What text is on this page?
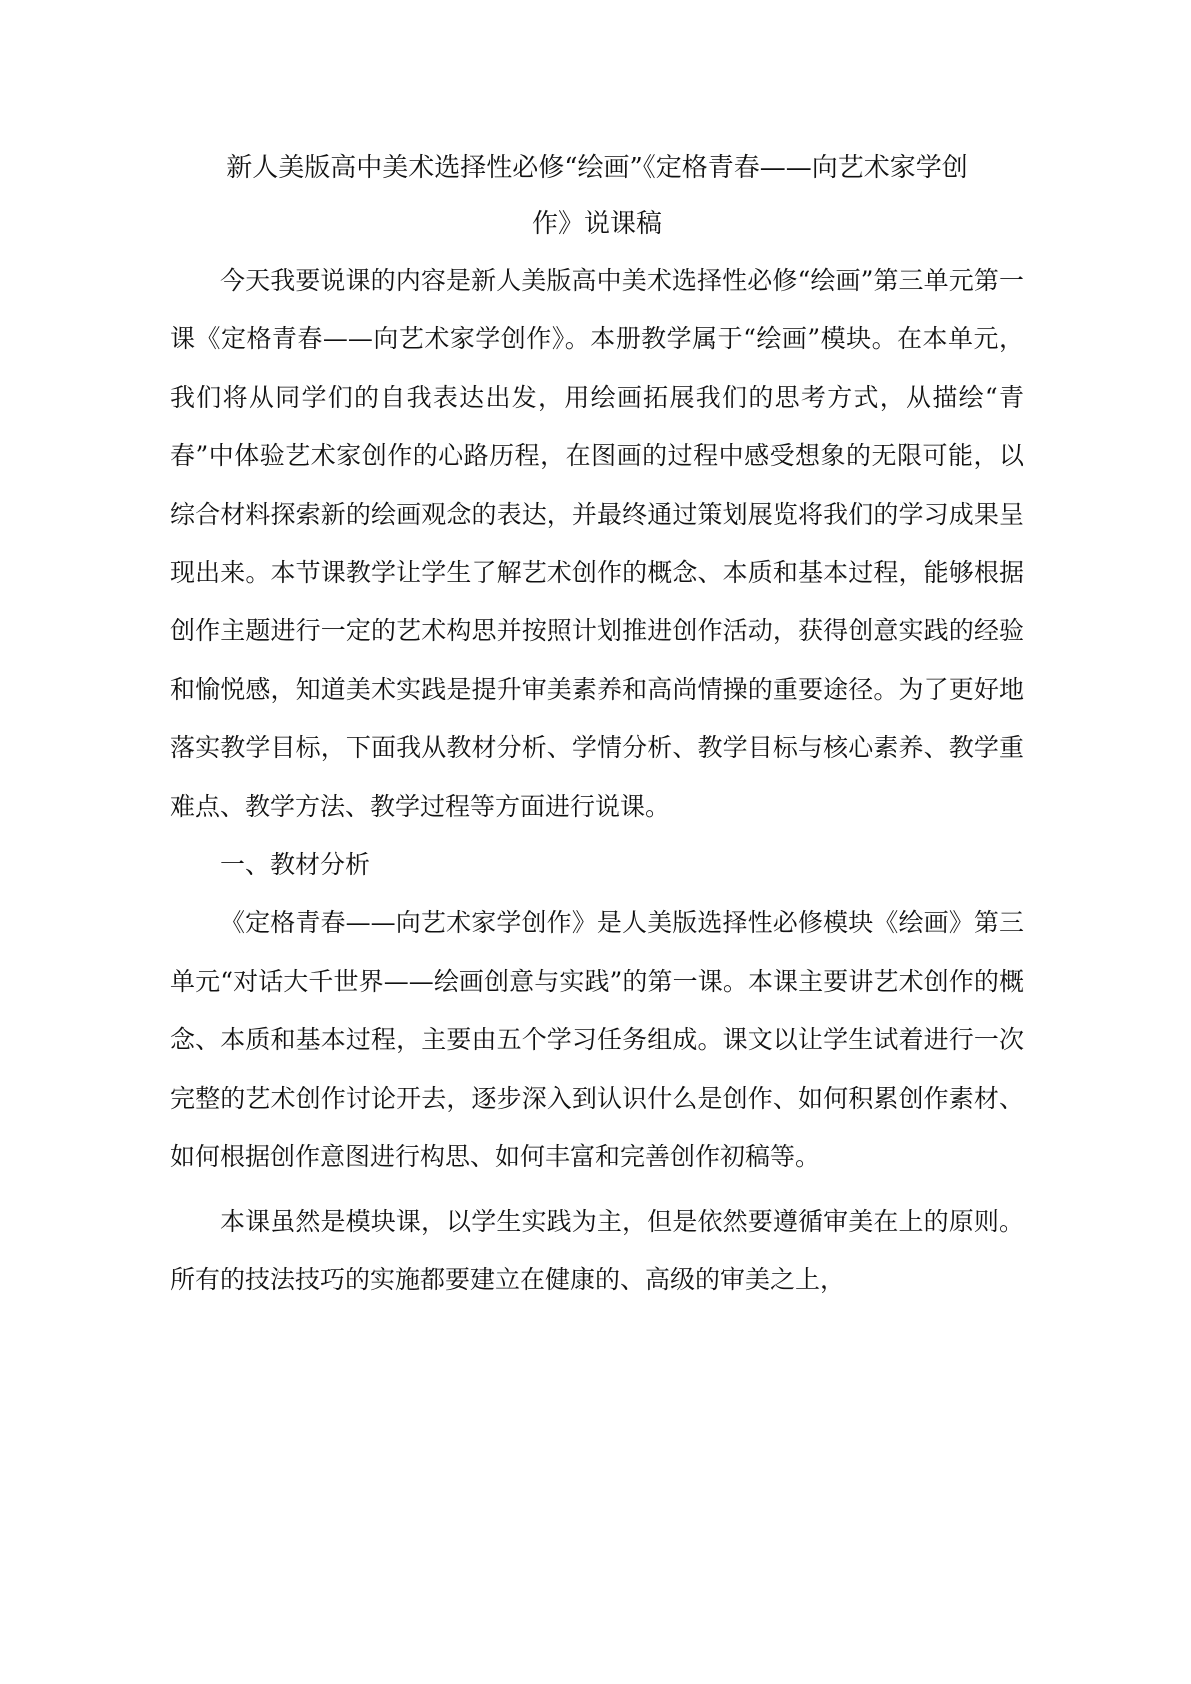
新人美版高中美术选择性必修“绘画”《定格青春——向艺术家学创
作》说课稿

今天我要说课的内容是新人美版高中美术选择性必修“绘画”第三单元第一课《定格青春——向艺术家学创作》。本册教学属于“绘画”模块。在本单元，我们将从同学们的自我表达出发，用绘画拓展我们的思考方式，从描绘“青春”中体验艺术家创作的心路历程，在图画的过程中感受想象的无限可能，以综合材料探索新的绘画观念的表达，并最终通过策划展览将我们的学习成果呈现出来。本节课教学让学生了解艺术创作的概念、本质和基本过程，能够根据创作主题进行一定的艺术构思并按照计划推进创作活动，获得创意实践的经验和愉悦感，知道美术实践是提升审美素养和高尚情操的重要途径。为了更好地落实教学目标，下面我从教材分析、学情分析、教学目标与核心素养、教学重难点、教学方法、教学过程等方面进行说课。

一、教材分析

《定格青春——向艺术家学创作》是人美版选择性必修模块《绘画》第三单元“对话大千世界——绘画创意与实践”的第一课。本课主要讲艺术创作的概念、本质和基本过程，主要由五个学习任务组成。课文以让学生试着进行一次完整的艺术创作讨论开去，逐步深入到认识什么是创作、如何积累创作素材、如何根据创作意图进行构思、如何丰富和完善创作初稿等。

本课虽然是模块课，以学生实践为主，但是依然要遵循审美在上的原则。所有的技法技巧的实施都要建立在健康的、高级的审美之上，
